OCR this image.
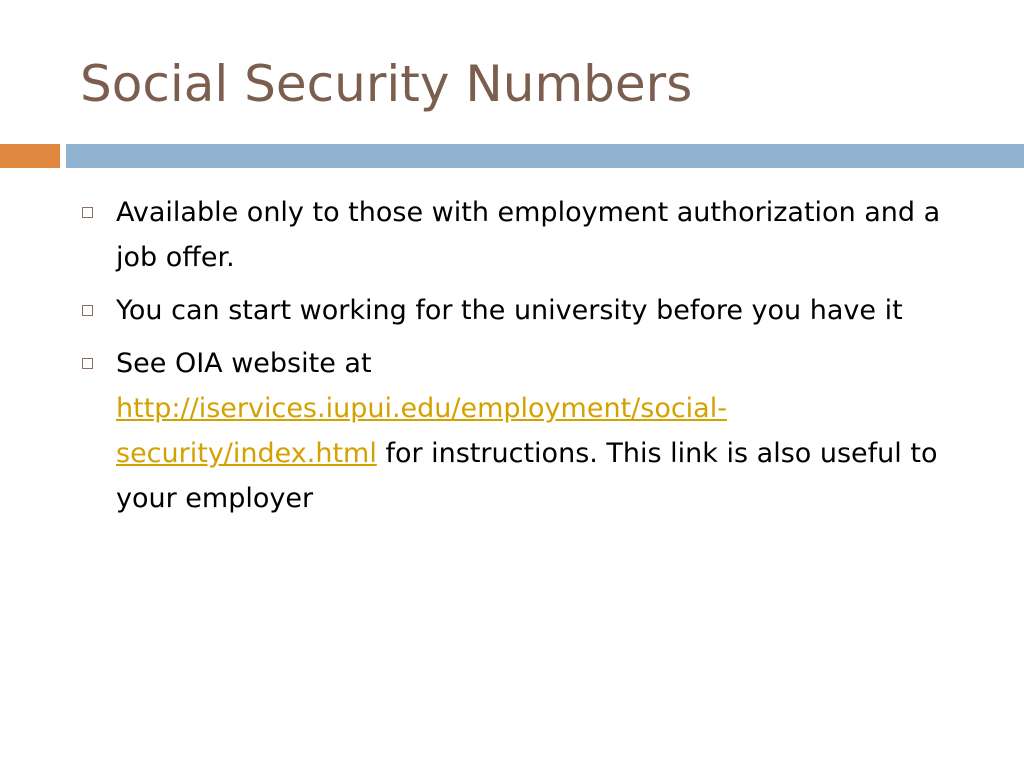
Social Security Numbers
Available only to those with employment authorization and a job offer.
You can start working for the university before you have it
See OIA website at http://iservices.iupui.edu/employment/social-
security/index.html for instructions. This link is also useful to your employer
